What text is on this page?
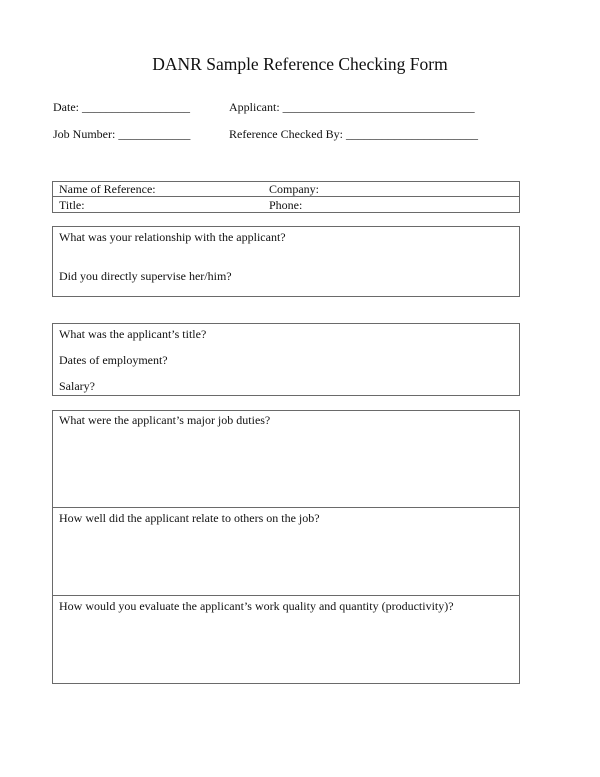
DANR Sample Reference Checking Form
Date: __________________	Applicant: ________________________________
Job Number: ____________	Reference Checked By: ______________________
Name of Reference:	Company:
Title:	Phone:
What was your relationship with the applicant?
Did you directly supervise her/him?
What was the applicant’s title?
Dates of employment?
Salary?
What were the applicant’s major job duties?
How well did the applicant relate to others on the job?
How would you evaluate the applicant’s work quality and quantity (productivity)?
